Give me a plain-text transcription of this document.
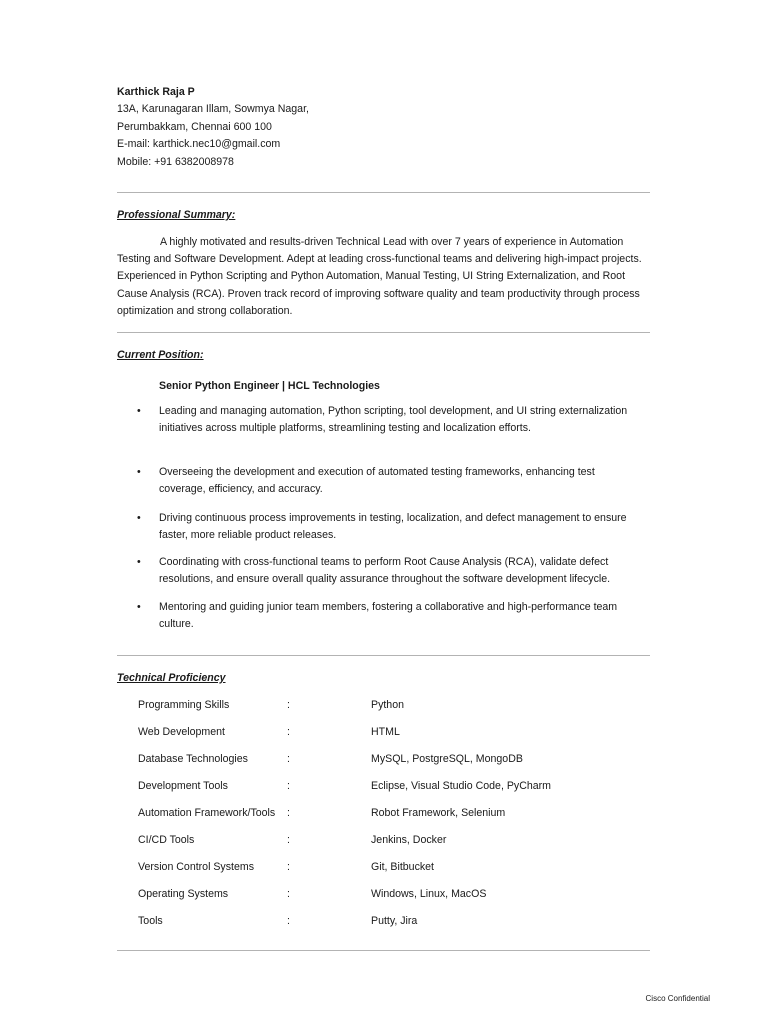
Karthick Raja P
13A, Karunagaran Illam, Sowmya Nagar,
Perumbakkam, Chennai 600 100
E-mail: karthick.nec10@gmail.com
Mobile: +91 6382008978
Professional Summary:

A highly motivated and results-driven Technical Lead with over 7 years of experience in Automation Testing and Software Development. Adept at leading cross-functional teams and delivering high-impact projects. Experienced in Python Scripting and Python Automation, Manual Testing, UI String Externalization, and Root Cause Analysis (RCA). Proven track record of improving software quality and team productivity through process optimization and strong collaboration.

Current Position:
Senior Python Engineer | HCL Technologies
• Leading and managing automation, Python scripting, tool development, and UI string externalization initiatives across multiple platforms, streamlining testing and localization efforts.
• Overseeing the development and execution of automated testing frameworks, enhancing test coverage, efficiency, and accuracy.
• Driving continuous process improvements in testing, localization, and defect management to ensure faster, more reliable product releases.
• Coordinating with cross-functional teams to perform Root Cause Analysis (RCA), validate defect resolutions, and ensure overall quality assurance throughout the software development lifecycle.
• Mentoring and guiding junior team members, fostering a collaborative and high-performance team culture.
Technical Proficiency
Programming Skills	:	Python
Web Development	:	HTML
Database Technologies	:	MySQL, PostgreSQL, MongoDB
Development Tools	:	Eclipse, Visual Studio Code, PyCharm
Automation Framework/Tools :	Robot Framework, Selenium
CI/CD Tools	:	Jenkins, Docker
Version Control Systems	:	Git, Bitbucket
Operating Systems	:	Windows, Linux, MacOS
Tools	:	Putty, Jira
Cisco Confidential
